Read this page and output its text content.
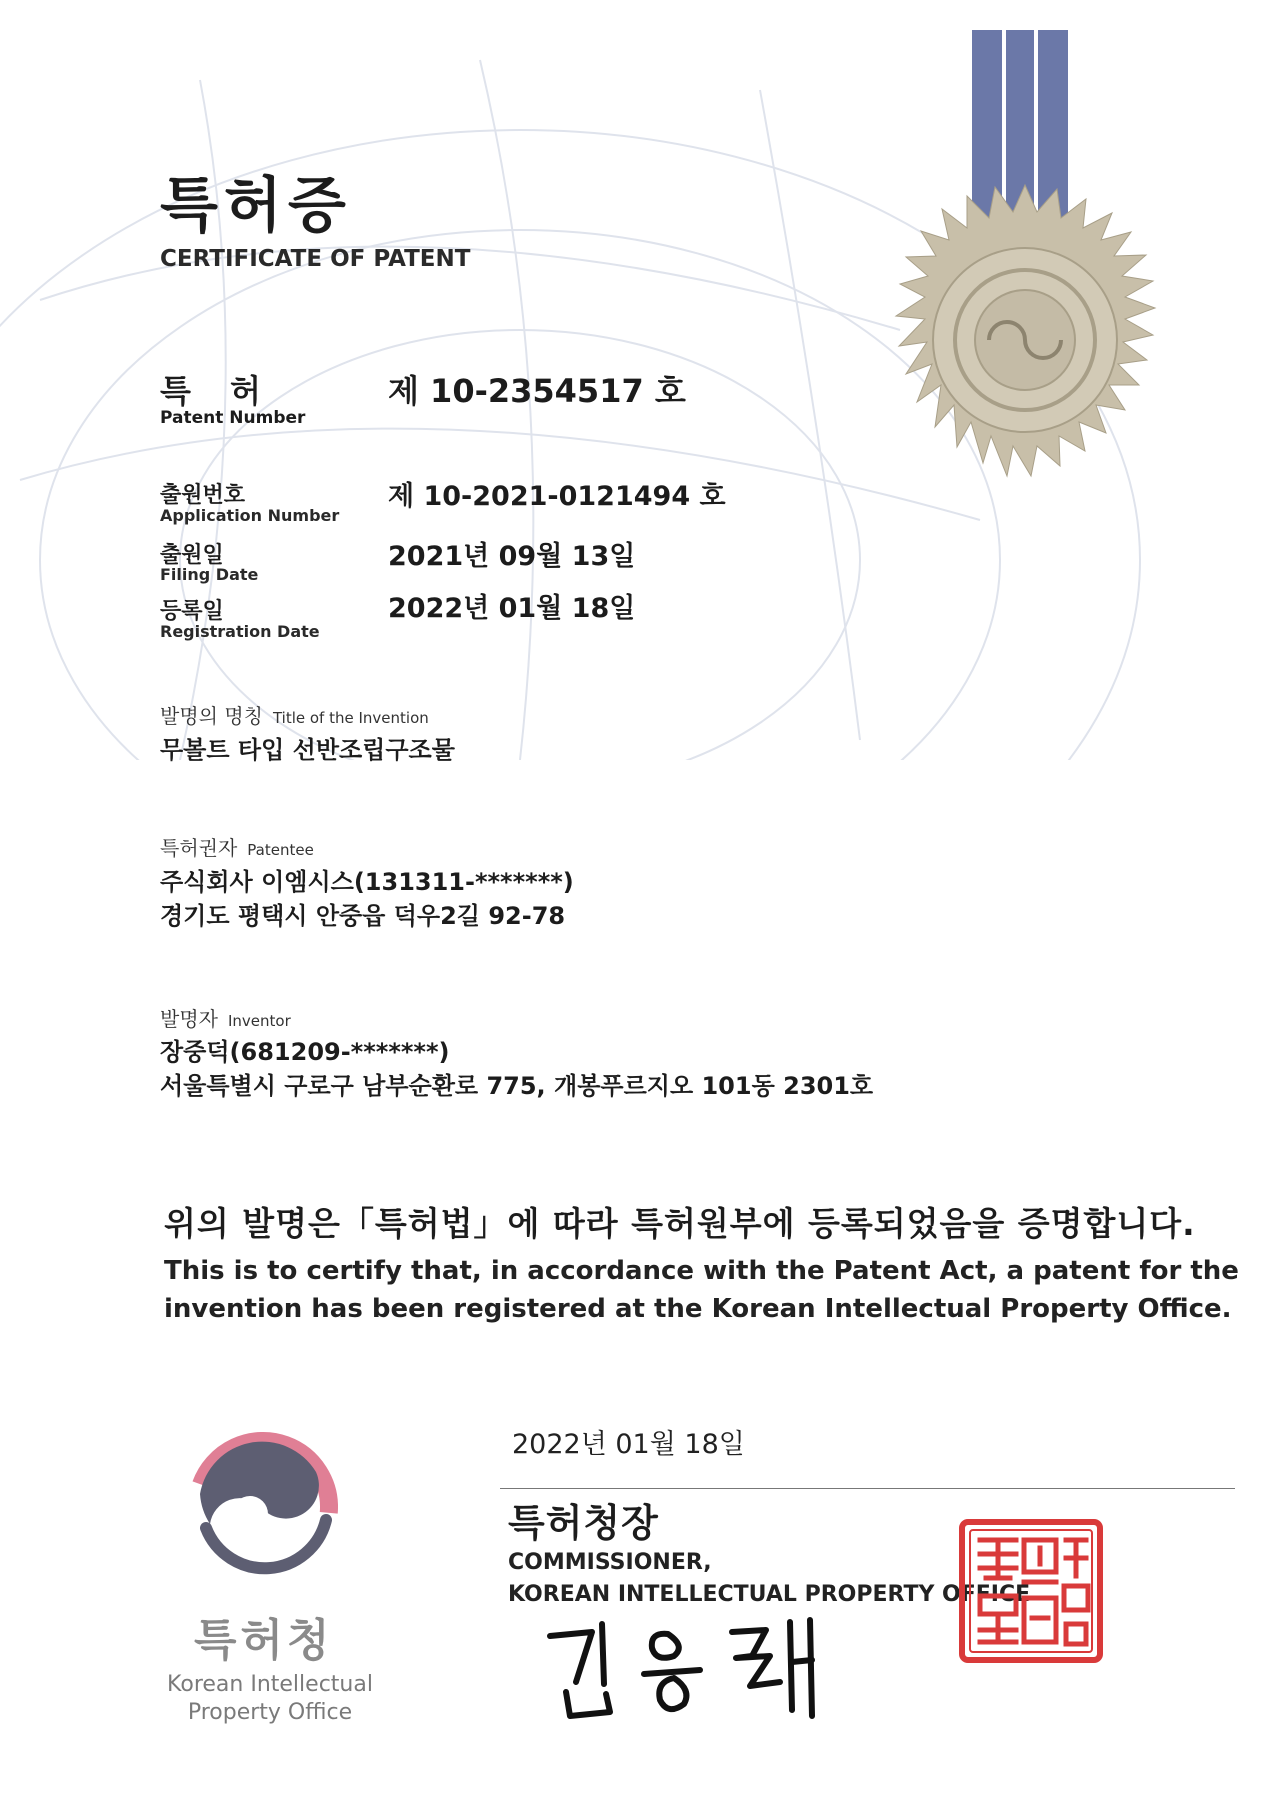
특허증
CERTIFICATE OF PATENT
특 허
Patent Number
제 10-2354517 호
출원번호
Application Number
제 10-2021-0121494 호
출원일
Filing Date
2021년 09월 13일
등록일
Registration Date
2022년 01월 18일
발명의 명칭 Title of the Invention
무볼트 타입 선반조립구조물
특허권자 Patentee
주식회사 이엠시스(131311-*******)
경기도 평택시 안중읍 덕우2길 92-78
발명자 Inventor
장중덕(681209-*******)
서울특별시 구로구 남부순환로 775, 개봉푸르지오 101동 2301호
위의 발명은「특허법」에 따라 특허원부에 등록되었음을 증명합니다.
This is to certify that, in accordance with the Patent Act, a patent for the
invention has been registered at the Korean Intellectual Property Office.
2022년 01월 18일
특허청장
COMMISSIONER,
KOREAN INTELLECTUAL PROPERTY OFFICE
특허청
Korean Intellectual
Property Office
